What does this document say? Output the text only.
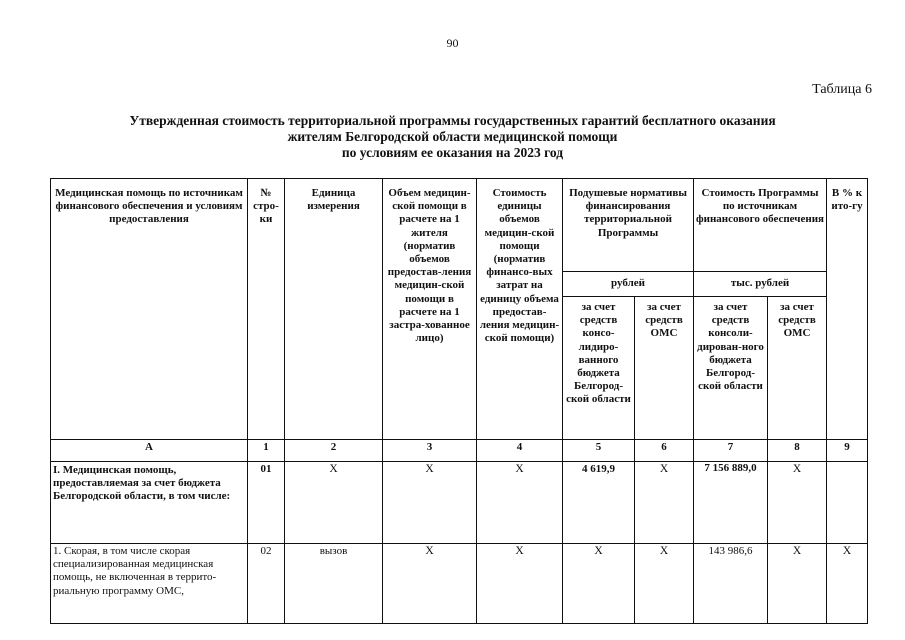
90
Таблица 6
Утвержденная стоимость территориальной программы государственных гарантий бесплатного оказания
жителям Белгородской области медицинской помощи
по условиям ее оказания на 2023 год
Медицинская помощь по источникам финансового обеспечения и условиям предоставления	№ стро-ки	Единица измерения	Объем медицин-ской помощи в расчете на 1 жителя (норматив объемов предостав-ления медицин-ской помощи в расчете на 1 застра-хованное лицо)	Стоимость единицы объемов медицин-ской помощи (норматив финансо-вых затрат на единицу объема предостав-ления медицин-ской помощи)	Подушевые нормативы финансирования территориальной Программы		Стоимость Программы по источникам финансового обеспечения		В % к ито-гу
					рублей		тыс. рублей		
					за счет средств консо-лидиро-ванного бюджета Белгород-ской области	за счет средств ОМС	за счет средств консоли-дирован-ного бюджета Белгород-ской области	за счет средств ОМС	
А	1	2	3	4	5	6	7	8	9
I. Медицинская помощь, предоставляемая за счет бюджета Белгородской области, в том числе:	01	Х	Х	Х	4 619,9	Х	7 156 889,0	Х	
1. Скорая, в том числе скорая специализированная медицинская помощь, не включенная в террито-риальную программу ОМС,	02	вызов	Х	Х	Х	Х	143 986,6	Х	Х
